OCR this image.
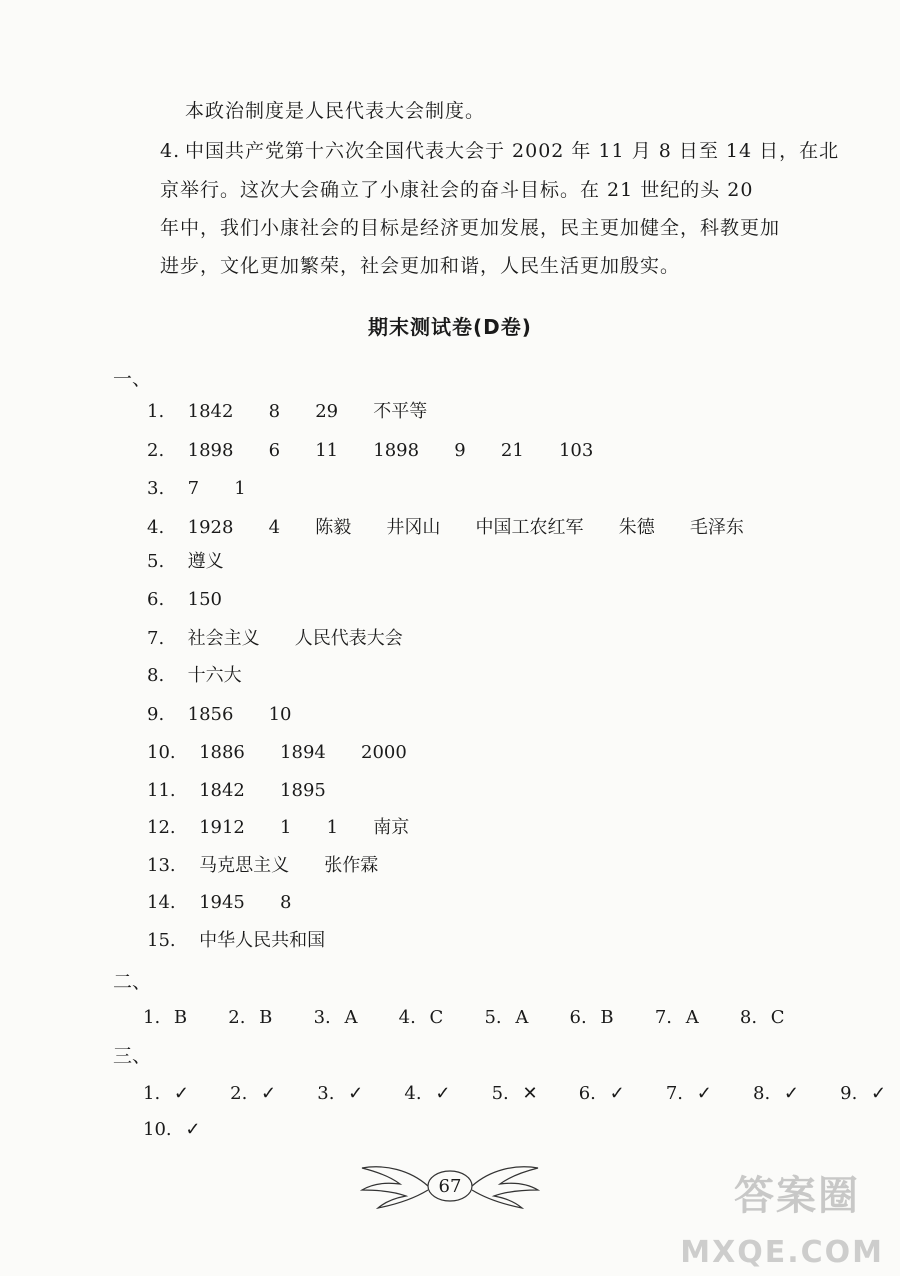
本政治制度是人民代表大会制度。
4. 中国共产党第十六次全国代表大会于 2002 年 11 月 8 日至 14 日，在北
京举行。这次大会确立了小康社会的奋斗目标。在 21 世纪的头 20
年中，我们小康社会的目标是经济更加发展，民主更加健全，科教更加
进步，文化更加繁荣，社会更加和谐，人民生活更加殷实。
期末测试卷(D卷)
一、
1.  1842   8   29   不平等
2.  1898   6   11   1898   9   21   103
3.  7   1
4.  1928   4   陈毅   井冈山   中国工农红军   朱德   毛泽东
5.  遵义
6.  150
7.  社会主义   人民代表大会
8.  十六大
9.  1856   10
10.  1886   1894   2000
11.  1842   1895
12.  1912   1   1   南京
13.  马克思主义   张作霖
14.  1945   8
15.  中华人民共和国
二、
1. B   2. B   3. A   4. C   5. A   6. B   7. A   8. C
三、
1. ✓   2. ✓   3. ✓   4. ✓   5. ✕   6. ✓   7. ✓   8. ✓   9. ✓
10. ✓
67	答案圈
MXQE.COM
